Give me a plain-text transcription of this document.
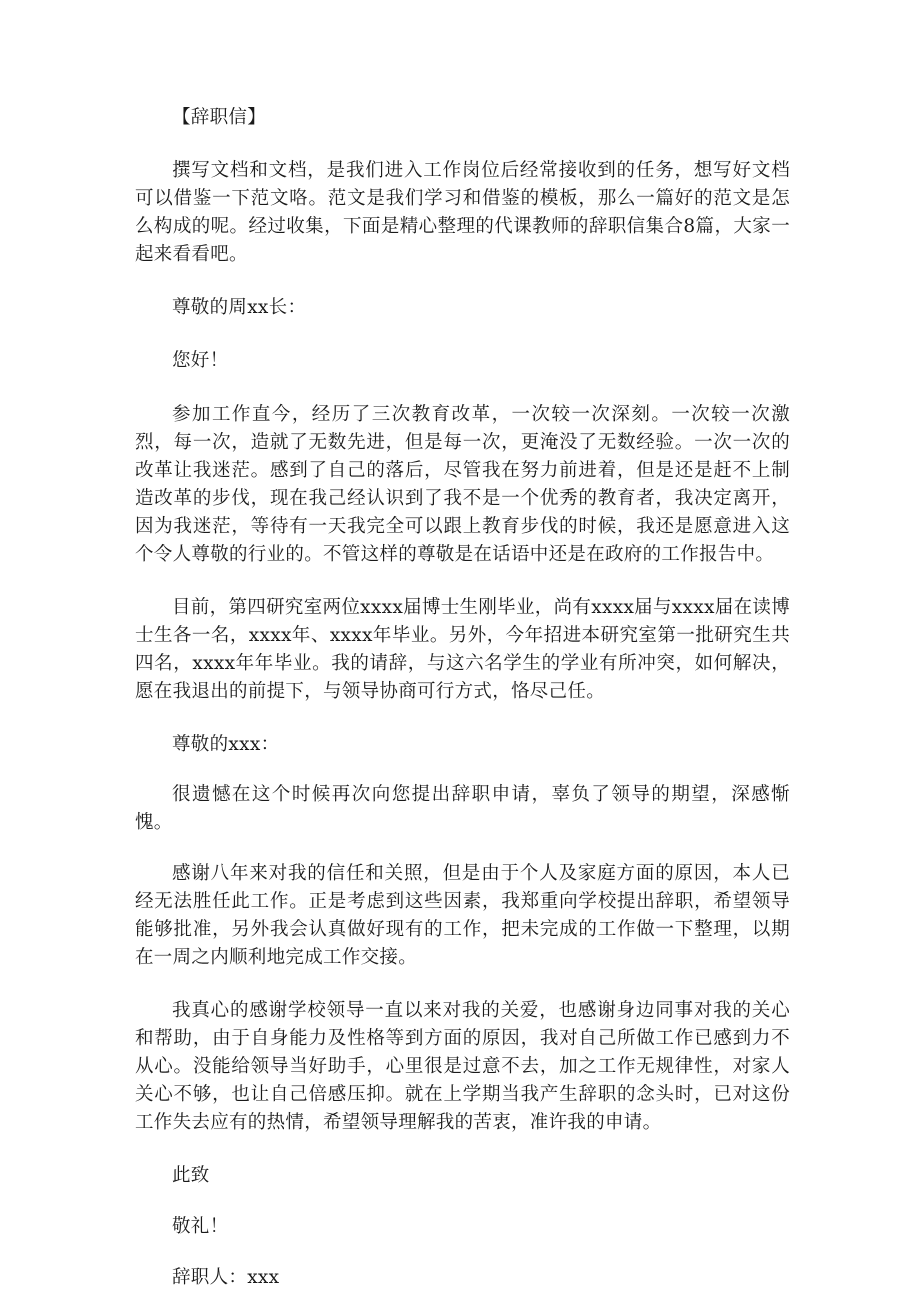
【辞职信】

撰写文档和文档，是我们进入工作岗位后经常接收到的任务，想写好文档可以借鉴一下范文咯。范文是我们学习和借鉴的模板，那么一篇好的范文是怎么构成的呢。经过收集，下面是精心整理的代课教师的辞职信集合8篇，大家一起来看看吧。

尊敬的周xx长：

您好！

参加工作直今，经历了三次教育改革，一次较一次深刻。一次较一次激烈，每一次，造就了无数先进，但是每一次，更淹没了无数经验。一次一次的改革让我迷茫。感到了自己的落后，尽管我在努力前进着，但是还是赶不上制造改革的步伐，现在我己经认识到了我不是一个优秀的教育者，我决定离开，因为我迷茫，等待有一天我完全可以跟上教育步伐的时候，我还是愿意进入这个令人尊敬的行业的。不管这样的尊敬是在话语中还是在政府的工作报告中。

目前，第四研究室两位xxxx届博士生刚毕业，尚有xxxx届与xxxx届在读博士生各一名，xxxx年、xxxx年毕业。另外，今年招进本研究室第一批研究生共四名，xxxx年年毕业。我的请辞，与这六名学生的学业有所冲突，如何解决，愿在我退出的前提下，与领导协商可行方式，恪尽己任。

尊敬的xxx：

很遗憾在这个时候再次向您提出辞职申请，辜负了领导的期望，深感惭愧。

感谢八年来对我的信任和关照，但是由于个人及家庭方面的原因，本人已经无法胜任此工作。正是考虑到这些因素，我郑重向学校提出辞职，希望领导能够批准，另外我会认真做好现有的工作，把未完成的工作做一下整理，以期在一周之内顺利地完成工作交接。

我真心的感谢学校领导一直以来对我的关爱，也感谢身边同事对我的关心和帮助，由于自身能力及性格等到方面的原因，我对自己所做工作已感到力不从心。没能给领导当好助手，心里很是过意不去，加之工作无规律性，对家人关心不够，也让自己倍感压抑。就在上学期当我产生辞职的念头时，已对这份工作失去应有的热情，希望领导理解我的苦衷，准许我的申请。

此致

敬礼！

辞职人：xxx
